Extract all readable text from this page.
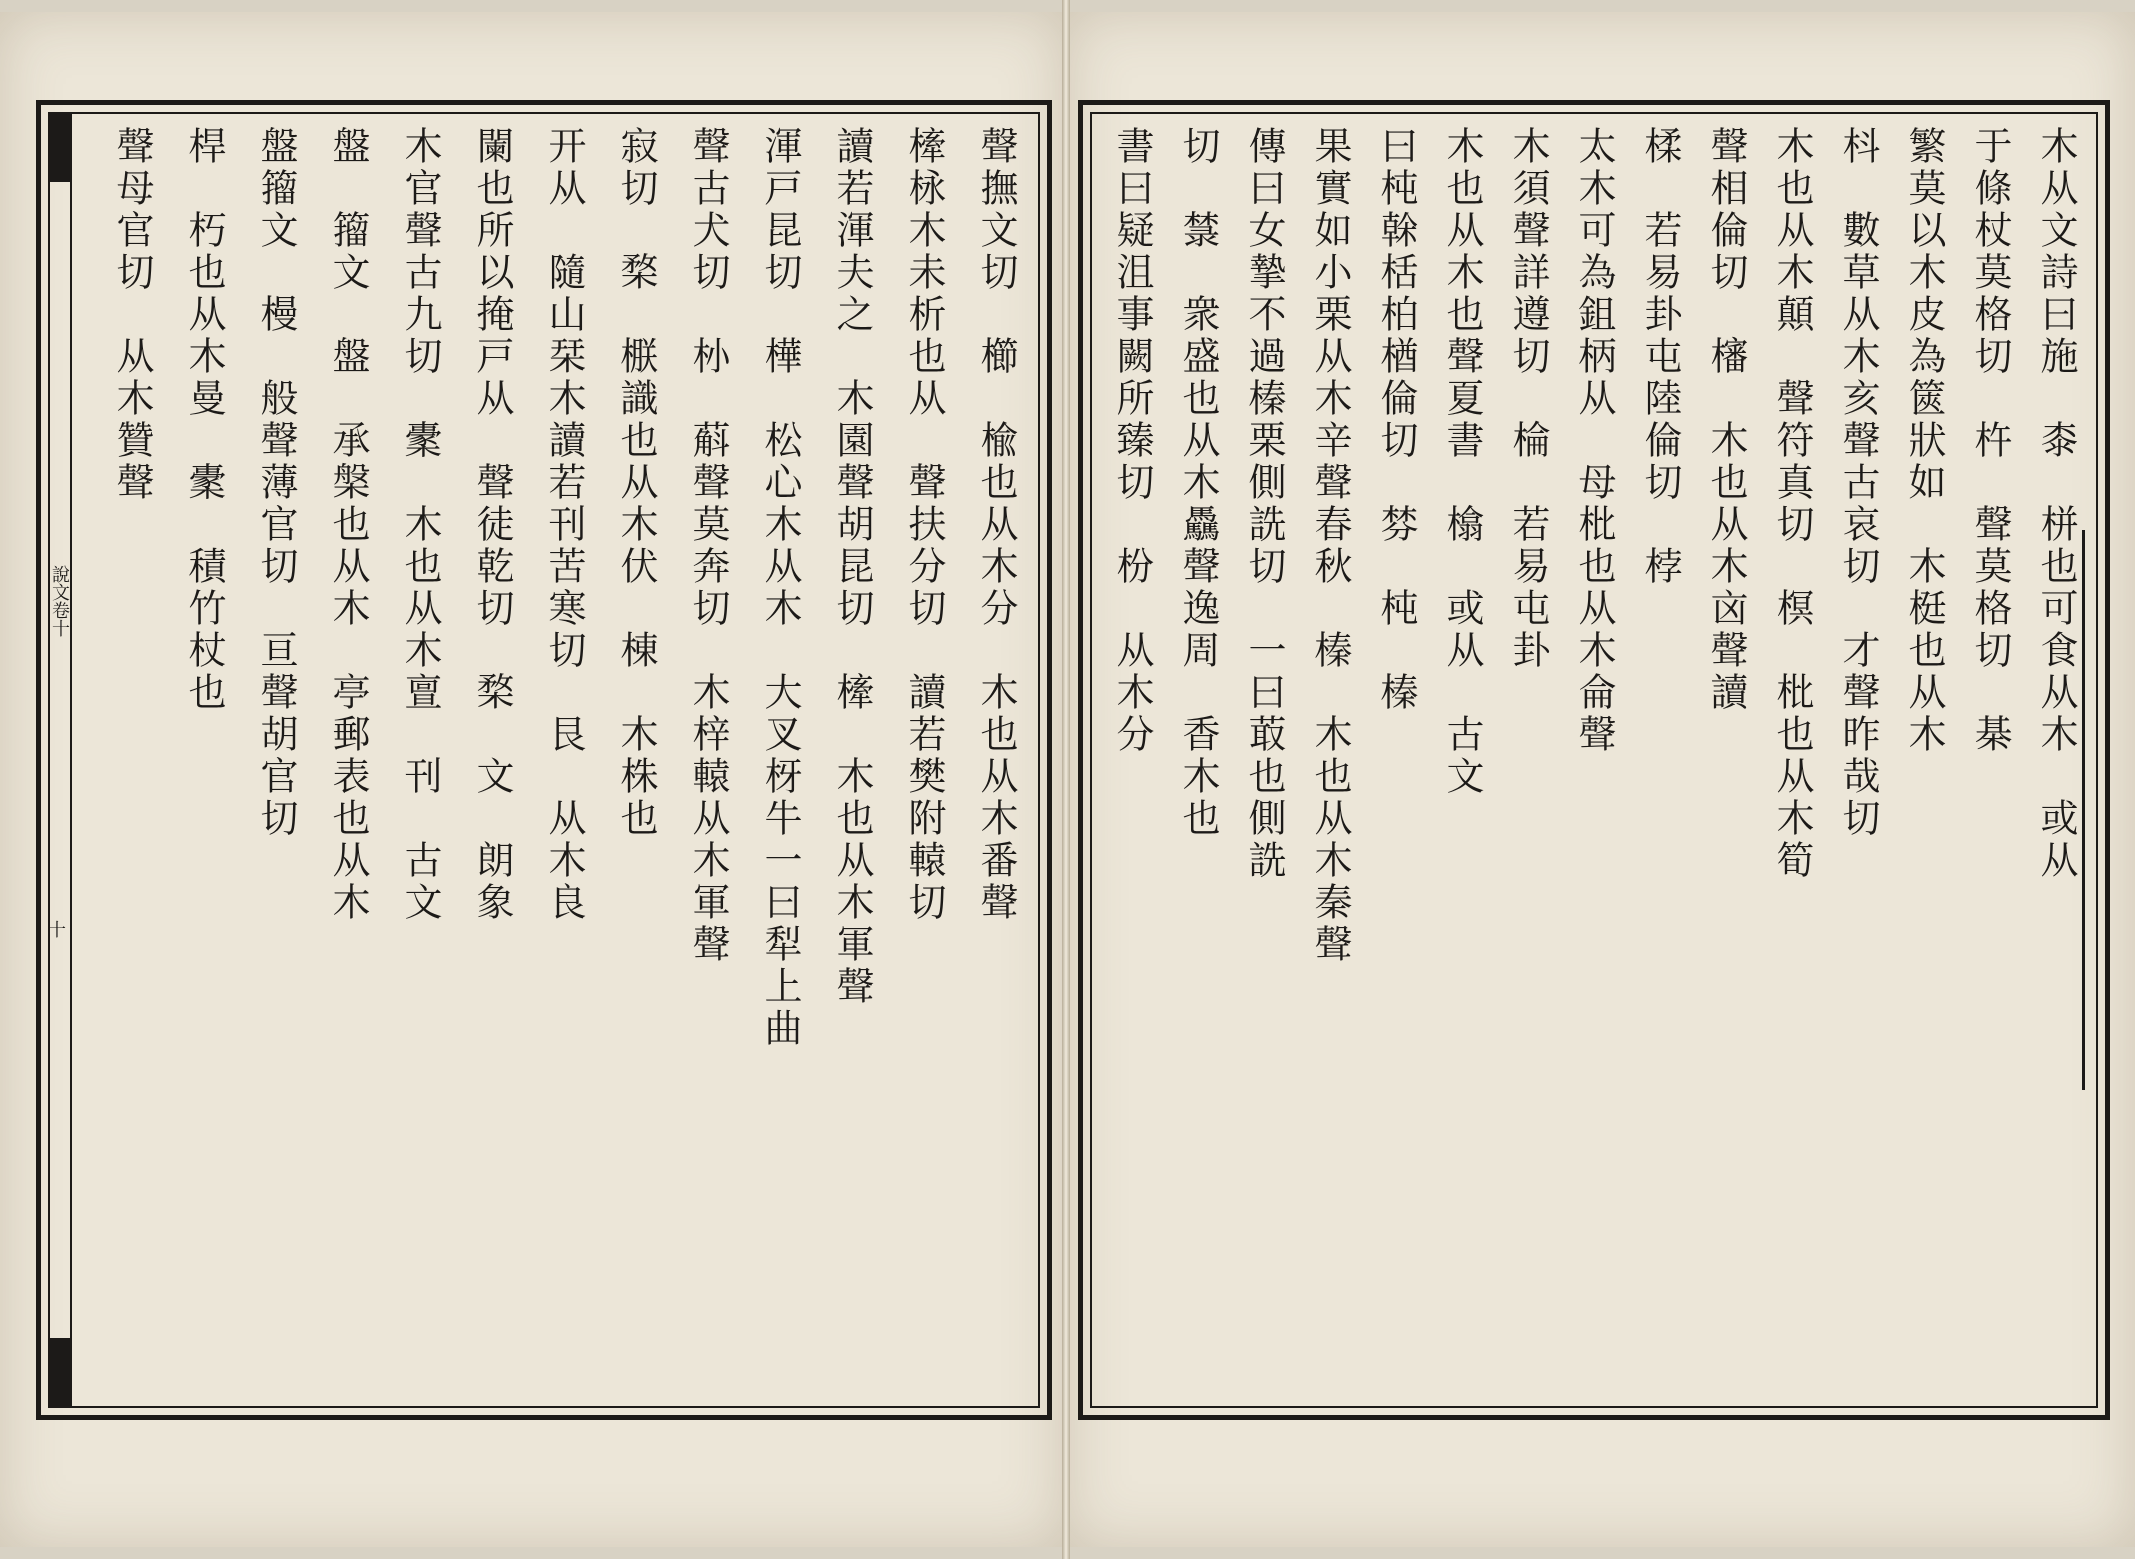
說文卷十
十
聲撫文切　櫛　楡也从木分　木也从木番聲
㯠栐木未析也从　聲扶分切　讀若樊附轅切
讀若渾夫之　木園聲胡昆切　㯠　木也从木軍聲
渾戸昆切　樺　松心木从木　大叉枒牛一曰犁上曲
聲古犬切　㭂　蔛聲莫奔切　木梓轅从木軍聲
寂切　楘　㮳識也从木伏　棟　木株也
开从　隨山栞木讀若刊苦寒切　艮　从木良
闌也所以掩戸从　聲徒乾切　楘　文　朗象
木官聲古九切　㯻　木也从木亶　刊　古文
盤　籀文　盤　承槃也从木　亭郵表也从木
盤籀文　槾　般聲薄官切　亘聲胡官切
桿　朽也从木曼　㯻　積竹杖也
聲母官切　从木贊聲	木从文詩曰施　桼　栟也可食从木　或从
于條杖莫格切　杵　聲莫格切　棊
繁莫以木皮為篋狀如　木梃也从木
枓　數草从木亥聲古哀切　才聲昨哉切
木也从木顛　聲符真切　榠　枇也从木筍
聲相倫切　㰂　木也从木㐫聲讀
楺　若易卦屯陸倫切　桲
太木可為鉏柄从　母枇也从木侖聲
木須聲詳遵切　棆　若易屯卦
木也从木也聲夏書　㯓　或从　古文
曰杶榦栝柏楢倫切　棼　杶　榛
果實如小栗从木辛聲春秋　榛　木也从木秦聲
傳曰女摯不過榛栗側詵切　一曰菆也側詵
切　㯟　衆盛也从木驫聲逸周　香木也
書曰疑沮事闕所臻切　枌　从木分
